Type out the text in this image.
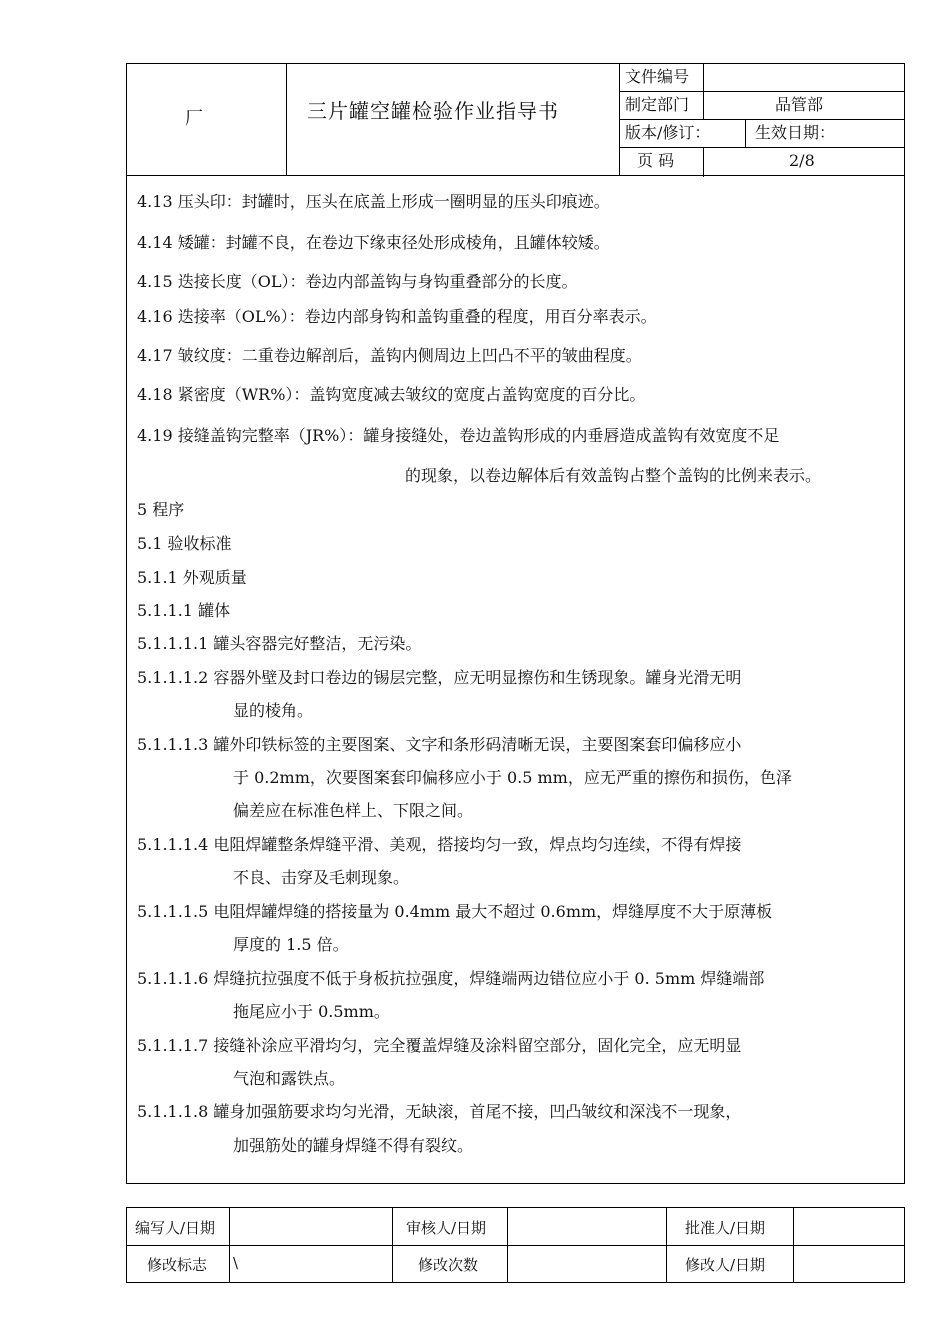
厂	三片罐空罐检验作业指导书
文件编号
制定部门	品管部
版本/修订：	生效日期：
页 码	2/8
4.13 压头印：封罐时，压头在底盖上形成一圈明显的压头印痕迹。
4.14 矮罐：封罐不良，在卷边下缘束径处形成棱角，且罐体较矮。
4.15 迭接长度（OL）：卷边内部盖钩与身钩重叠部分的长度。
4.16 迭接率（OL%）：卷边内部身钩和盖钩重叠的程度，用百分率表示。
4.17 皱纹度：二重卷边解剖后，盖钩内侧周边上凹凸不平的皱曲程度。
4.18 紧密度（WR%）：盖钩宽度减去皱纹的宽度占盖钩宽度的百分比。
4.19 接缝盖钩完整率（JR%）：罐身接缝处，卷边盖钩形成的内垂唇造成盖钩有效宽度不足
的现象，以卷边解体后有效盖钩占整个盖钩的比例来表示。
5 程序
5.1 验收标准
5.1.1 外观质量
5.1.1.1 罐体
5.1.1.1.1 罐头容器完好整洁，无污染。
5.1.1.1.2 容器外壁及封口卷边的锡层完整，应无明显擦伤和生锈现象。罐身光滑无明
显的棱角。
5.1.1.1.3 罐外印铁标签的主要图案、文字和条形码清晰无误，主要图案套印偏移应小
于 0.2mm，次要图案套印偏移应小于 0.5 mm，应无严重的擦伤和损伤，色泽
偏差应在标准色样上、下限之间。
5.1.1.1.4 电阻焊罐整条焊缝平滑、美观，搭接均匀一致，焊点均匀连续，不得有焊接
不良、击穿及毛刺现象。
5.1.1.1.5 电阻焊罐焊缝的搭接量为 0.4mm 最大不超过 0.6mm，焊缝厚度不大于原薄板
厚度的 1.5 倍。
5.1.1.1.6 焊缝抗拉强度不低于身板抗拉强度，焊缝端两边错位应小于 0. 5mm 焊缝端部
拖尾应小于 0.5mm。
5.1.1.1.7 接缝补涂应平滑均匀，完全覆盖焊缝及涂料留空部分，固化完全，应无明显
气泡和露铁点。
5.1.1.1.8 罐身加强筋要求均匀光滑，无缺滚，首尾不接，凹凸皱纹和深浅不一现象，
加强筋处的罐身焊缝不得有裂纹。
编写人/日期	审核人/日期	批准人/日期
修改标志 \	修改次数	修改人/日期
